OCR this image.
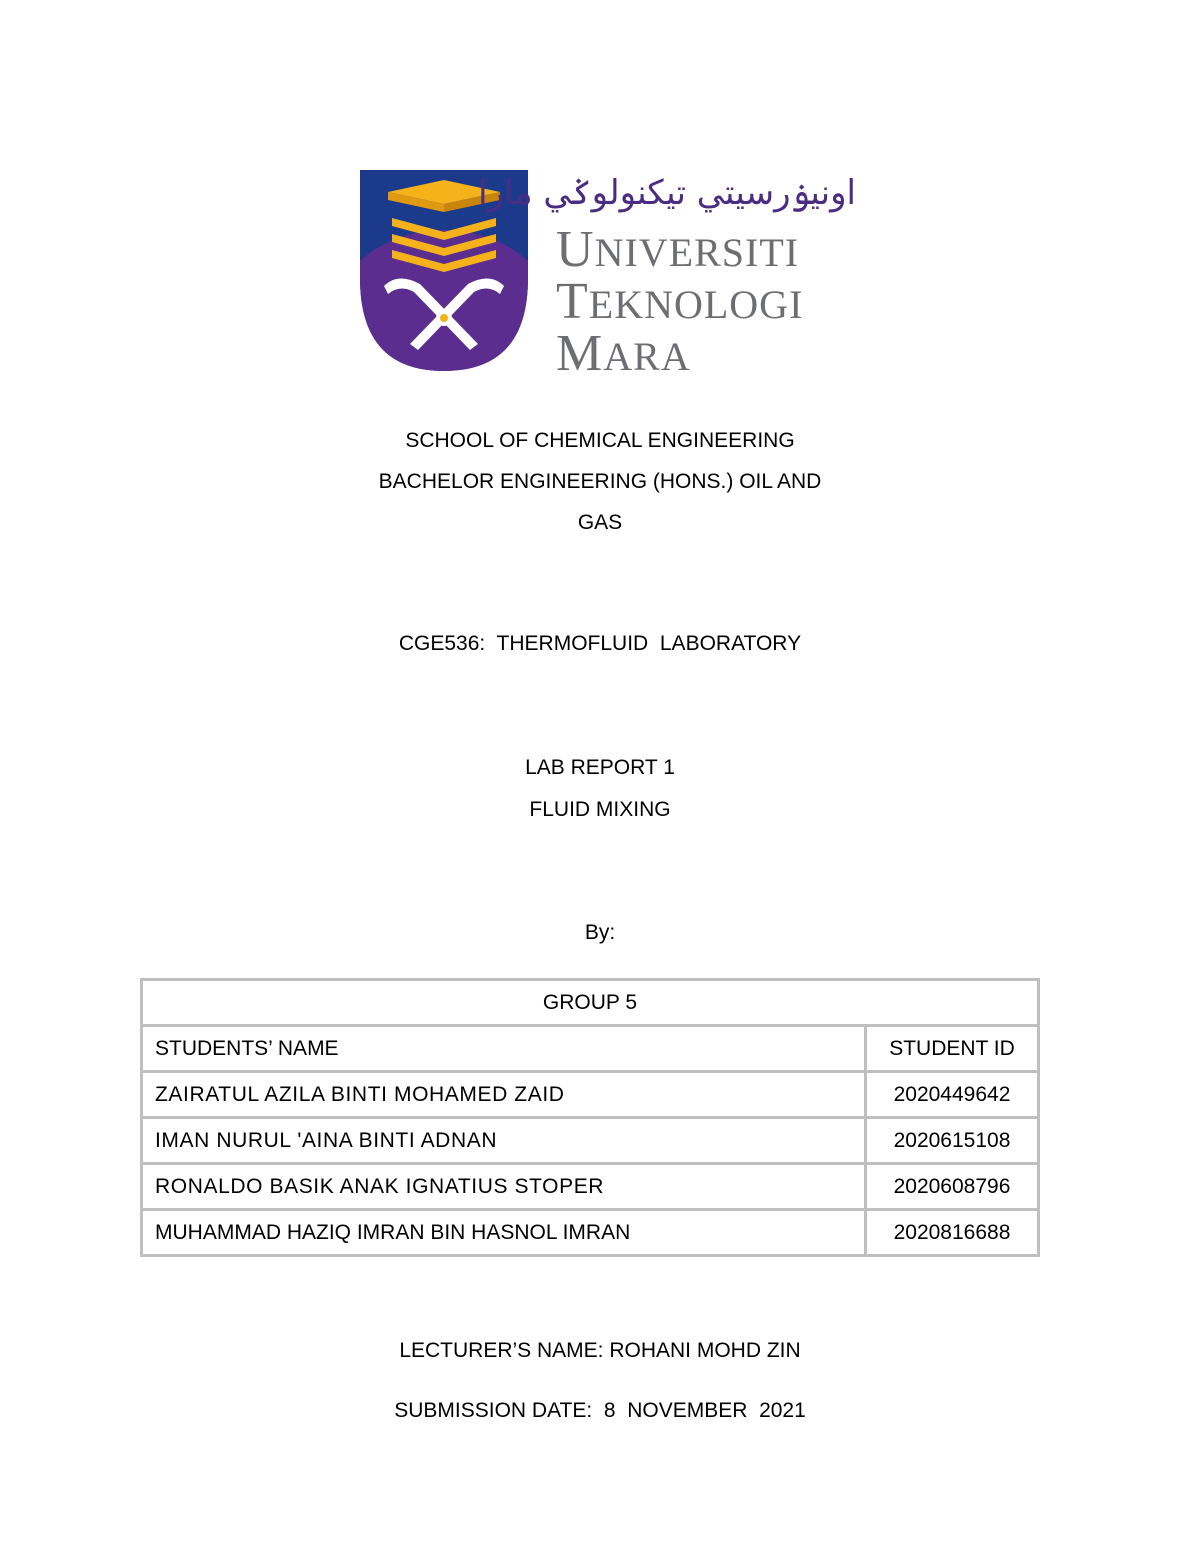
اونيۏرسيتي تيکنولوݢي مارا
UNIVERSITI
TEKNOLOGI
MARA
SCHOOL OF CHEMICAL ENGINEERING
BACHELOR ENGINEERING (HONS.) OIL AND
GAS
CGE536:  THERMOFLUID  LABORATORY
LAB REPORT 1
FLUID MIXING
By:
GROUP 5	
STUDENTS’ NAME	STUDENT ID
ZAIRATUL AZILA BINTI MOHAMED ZAID	2020449642
IMAN NURUL 'AINA BINTI ADNAN	2020615108
RONALDO BASIK ANAK IGNATIUS STOPER	2020608796
MUHAMMAD HAZIQ IMRAN BIN HASNOL IMRAN	2020816688
LECTURER’S NAME: ROHANI MOHD ZIN
SUBMISSION DATE:  8  NOVEMBER  2021
